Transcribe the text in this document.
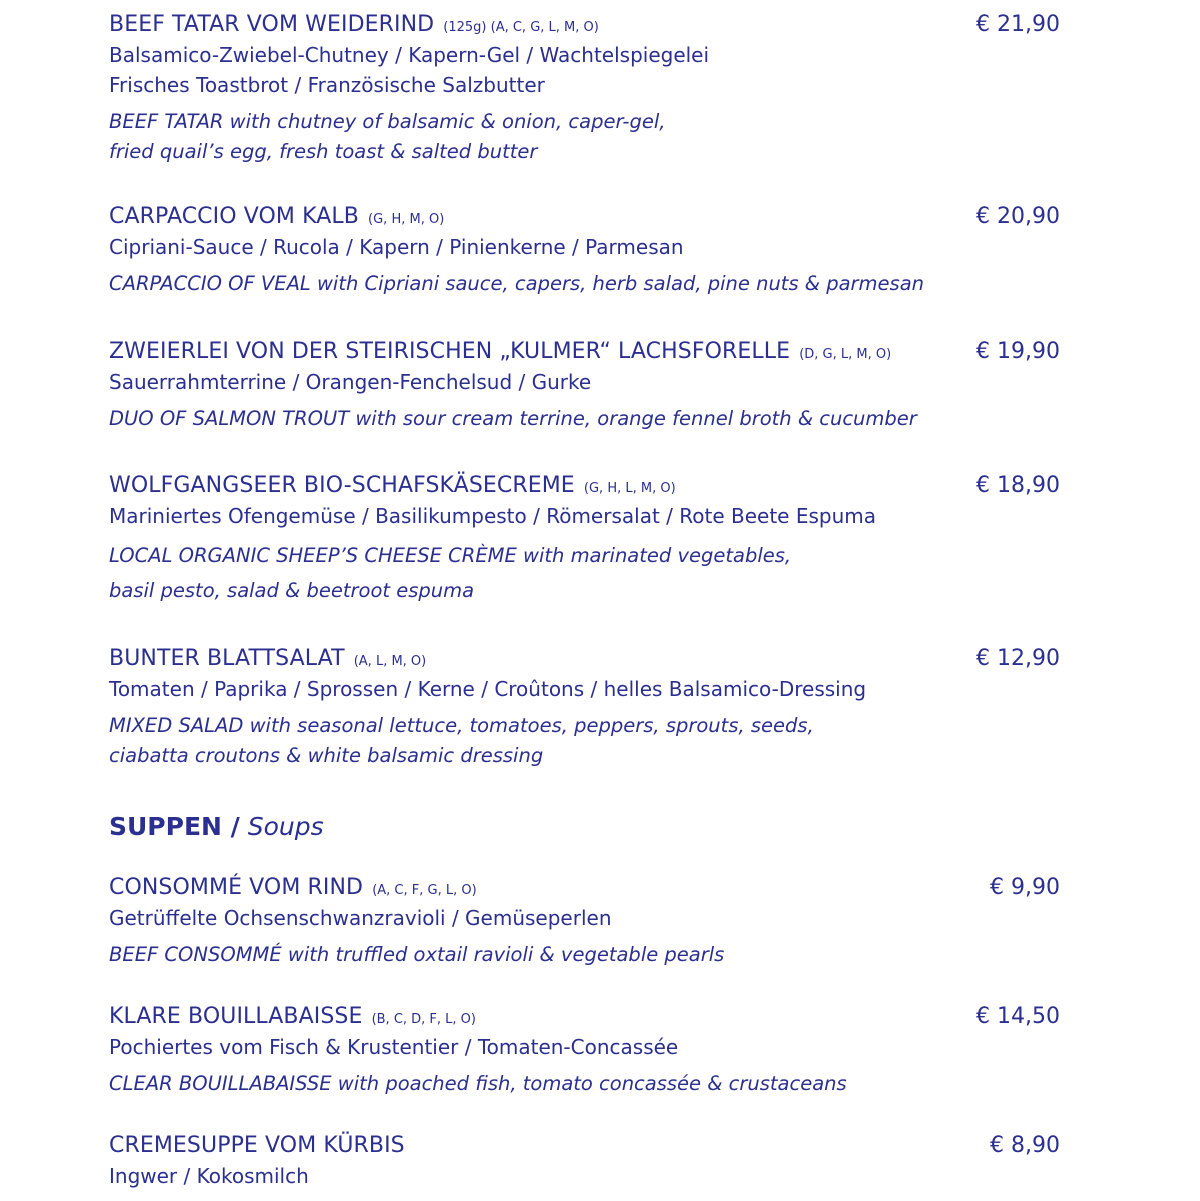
BEEF TATAR VOM WEIDERIND (125g) (A, C, G, L, M, O)	€ 21,90
Balsamico-Zwiebel-Chutney / Kapern-Gel / Wachtelspiegelei
Frisches Toastbrot / Französische Salzbutter
BEEF TATAR with chutney of balsamic & onion, caper-gel,
fried quail’s egg, fresh toast & salted butter
CARPACCIO VOM KALB (G, H, M, O)	€ 20,90
Cipriani-Sauce / Rucola / Kapern / Pinienkerne / Parmesan
CARPACCIO OF VEAL with Cipriani sauce, capers, herb salad, pine nuts & parmesan
ZWEIERLEI VON DER STEIRISCHEN „KULMER“ LACHSFORELLE (D, G, L, M, O)	€ 19,90
Sauerrahmterrine / Orangen-Fenchelsud / Gurke
DUO OF SALMON TROUT with sour cream terrine, orange fennel broth & cucumber
WOLFGANGSEER BIO-SCHAFSKÄSECREME (G, H, L, M, O)	€ 18,90
Mariniertes Ofengemüse / Basilikumpesto / Römersalat / Rote Beete Espuma
LOCAL ORGANIC SHEEP’S CHEESE CRÈME with marinated vegetables,
basil pesto, salad & beetroot espuma
BUNTER BLATTSALAT (A, L, M, O)	€ 12,90
Tomaten / Paprika / Sprossen / Kerne / Croûtons / helles Balsamico-Dressing
MIXED SALAD with seasonal lettuce, tomatoes, peppers, sprouts, seeds,
ciabatta croutons & white balsamic dressing
SUPPEN / Soups
CONSOMMÉ VOM RIND (A, C, F, G, L, O)	€ 9,90
Getrüffelte Ochsenschwanzravioli / Gemüseperlen
BEEF CONSOMMÉ with truffled oxtail ravioli & vegetable pearls
KLARE BOUILLABAISSE (B, C, D, F, L, O)	€ 14,50
Pochiertes vom Fisch & Krustentier / Tomaten-Concassée
CLEAR BOUILLABAISSE with poached fish, tomato concassée & crustaceans
CREMESUPPE VOM KÜRBIS	€ 8,90
Ingwer / Kokosmilch
